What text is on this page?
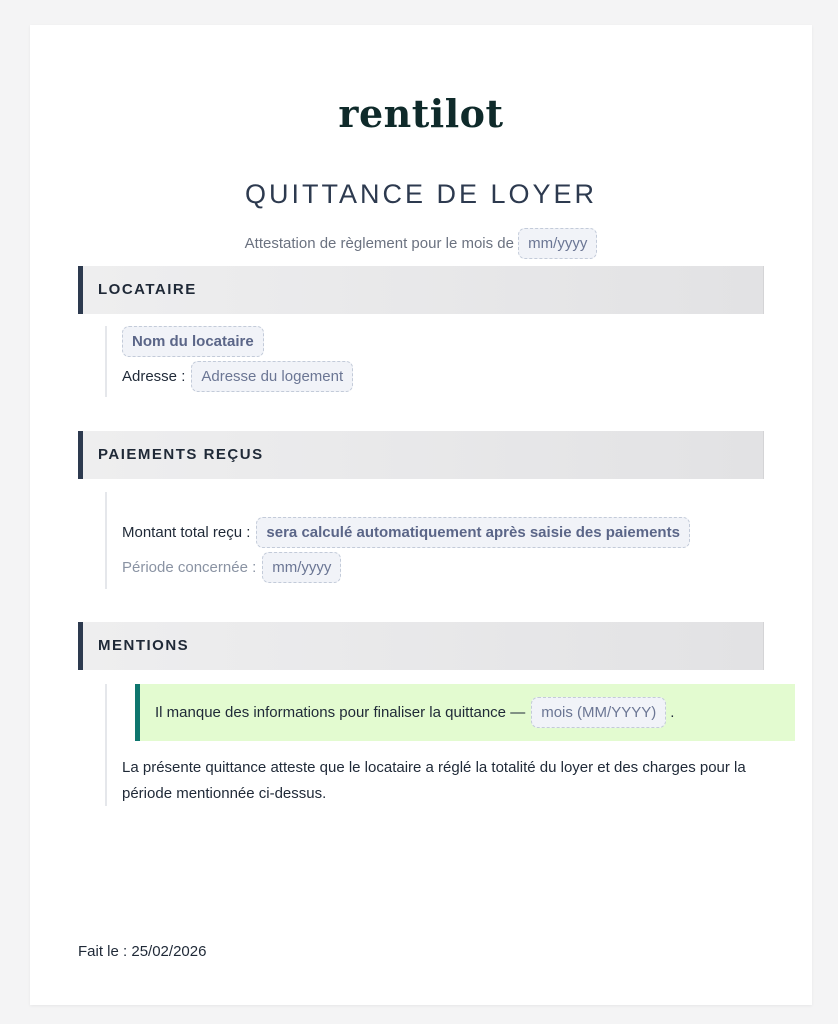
rentilot
QUITTANCE DE LOYER
Attestation de règlement pour le mois de mm/yyyy
LOCATAIRE
Nom du locataire
Adresse :	Adresse du logement
PAIEMENTS REÇUS
Montant total reçu :	sera calculé automatiquement après saisie des paiements
Période concernée :	mm/yyyy
MENTIONS
Il manque des informations pour finaliser la quittance —	mois (MM/YYYY) .
La présente quittance atteste que le locataire a réglé la totalité du loyer et des charges pour la période mentionnée ci-dessus.
Fait le : 25/02/2026
